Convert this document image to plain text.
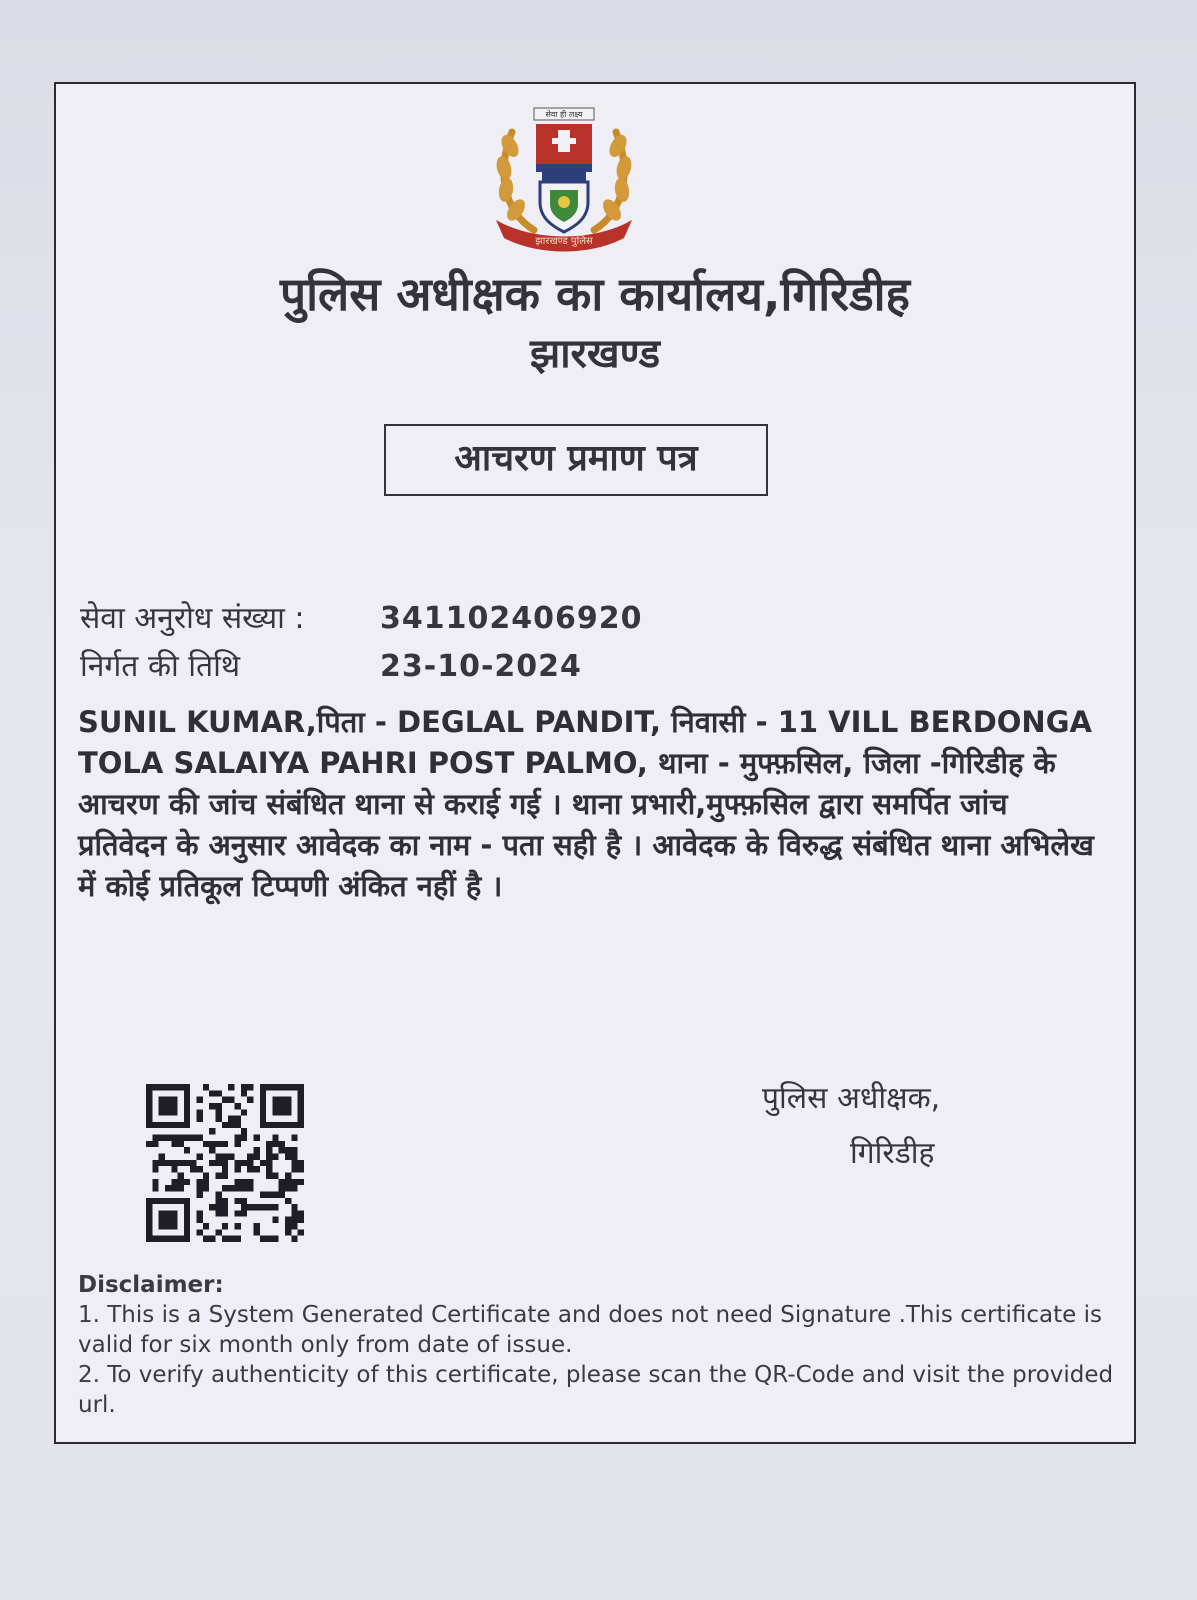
सेवा ही लक्ष्य
झारखण्ड पुलिस
पुलिस अधीक्षक का कार्यालय,गिरिडीह
झारखण्ड
आचरण प्रमाण पत्र
सेवा अनुरोध संख्या :	341102406920
निर्गत की तिथि	23-10-2024

SUNIL KUMAR,पिता - DEGLAL PANDIT, निवासी - 11 VILL BERDONGA TOLA SALAIYA PAHRI POST PALMO, थाना - मुफ्फ़सिल, जिला -गिरिडीह के आचरण की जांच संबंधित थाना से कराई गई । थाना प्रभारी,मुफ्फ़सिल द्वारा समर्पित जांच प्रतिवेदन के अनुसार आवेदक का नाम - पता सही है । आवेदक के विरुद्ध संबंधित थाना अभिलेख में कोई प्रतिकूल टिप्पणी अंकित नहीं है ।

पुलिस अधीक्षक,
गिरिडीह
Disclaimer:
1. This is a System Generated Certificate and does not need Signature .This certificate is valid for six month only from date of issue.
2. To verify authenticity of this certificate, please scan the QR-Code and visit the provided url.
